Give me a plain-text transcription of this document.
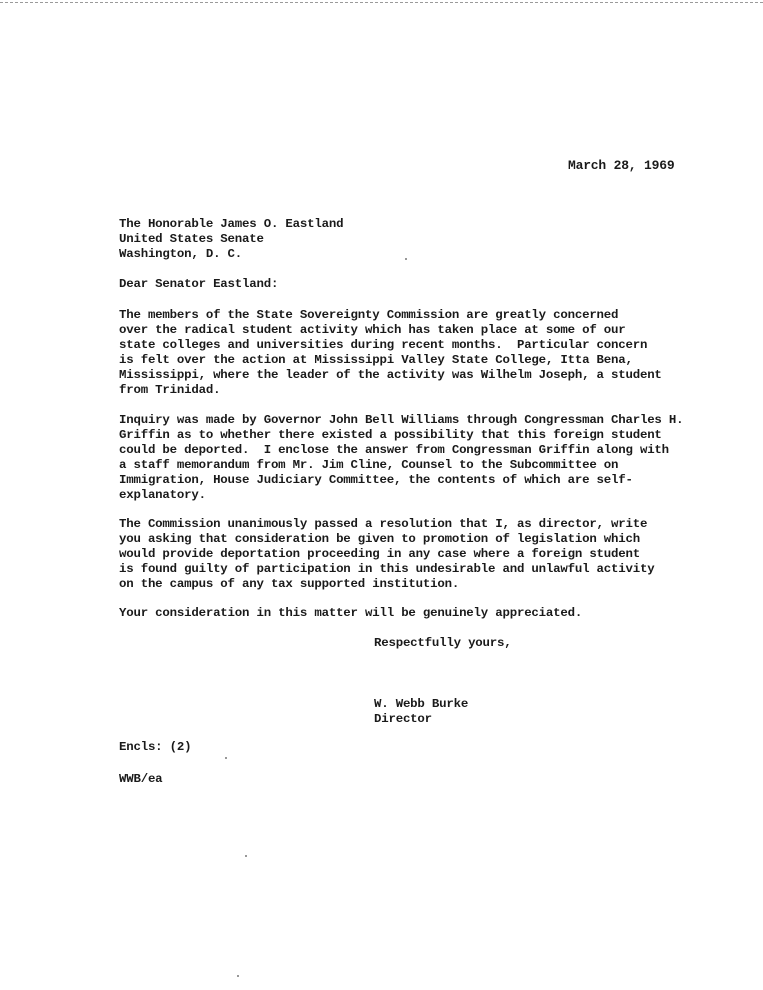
March 28, 1969
The Honorable James O. Eastland
United States Senate
Washington, D. C.
Dear Senator Eastland:
The members of the State Sovereignty Commission are greatly concerned
over the radical student activity which has taken place at some of our
state colleges and universities during recent months.  Particular concern
is felt over the action at Mississippi Valley State College, Itta Bena,
Mississippi, where the leader of the activity was Wilhelm Joseph, a student
from Trinidad.
Inquiry was made by Governor John Bell Williams through Congressman Charles H.
Griffin as to whether there existed a possibility that this foreign student
could be deported.  I enclose the answer from Congressman Griffin along with
a staff memorandum from Mr. Jim Cline, Counsel to the Subcommittee on
Immigration, House Judiciary Committee, the contents of which are self-
explanatory.
The Commission unanimously passed a resolution that I, as director, write
you asking that consideration be given to promotion of legislation which
would provide deportation proceeding in any case where a foreign student
is found guilty of participation in this undesirable and unlawful activity
on the campus of any tax supported institution.
Your consideration in this matter will be genuinely appreciated.
Respectfully yours,
W. Webb Burke
Director
Encls: (2)
WWB/ea
